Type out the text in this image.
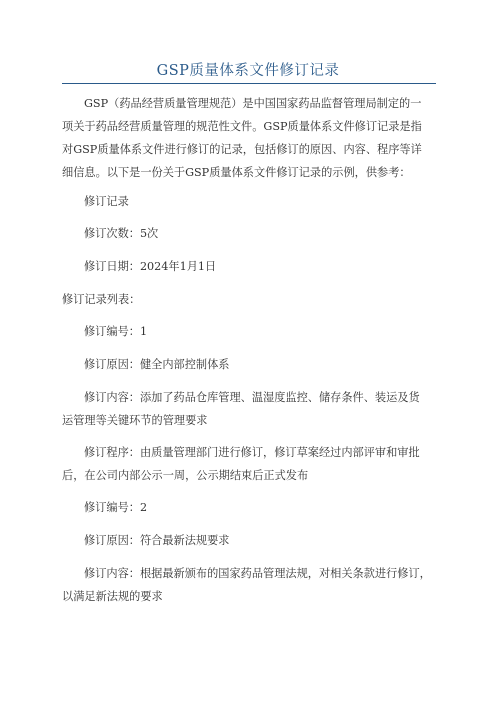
GSP质量体系文件修订记录
GSP（药品经营质量管理规范）是中国国家药品监督管理局制定的一
项关于药品经营质量管理的规范性文件。GSP质量体系文件修订记录是指
对GSP质量体系文件进行修订的记录，包括修订的原因、内容、程序等详
细信息。以下是一份关于GSP质量体系文件修订记录的示例，供参考：
修订记录
修订次数：5次
修订日期：2024年1月1日
修订记录列表：
修订编号：1
修订原因：健全内部控制体系
修订内容：添加了药品仓库管理、温湿度监控、储存条件、装运及货
运管理等关键环节的管理要求
修订程序：由质量管理部门进行修订，修订草案经过内部评审和审批
后，在公司内部公示一周，公示期结束后正式发布
修订编号：2
修订原因：符合最新法规要求
修订内容：根据最新颁布的国家药品管理法规，对相关条款进行修订，
以满足新法规的要求
